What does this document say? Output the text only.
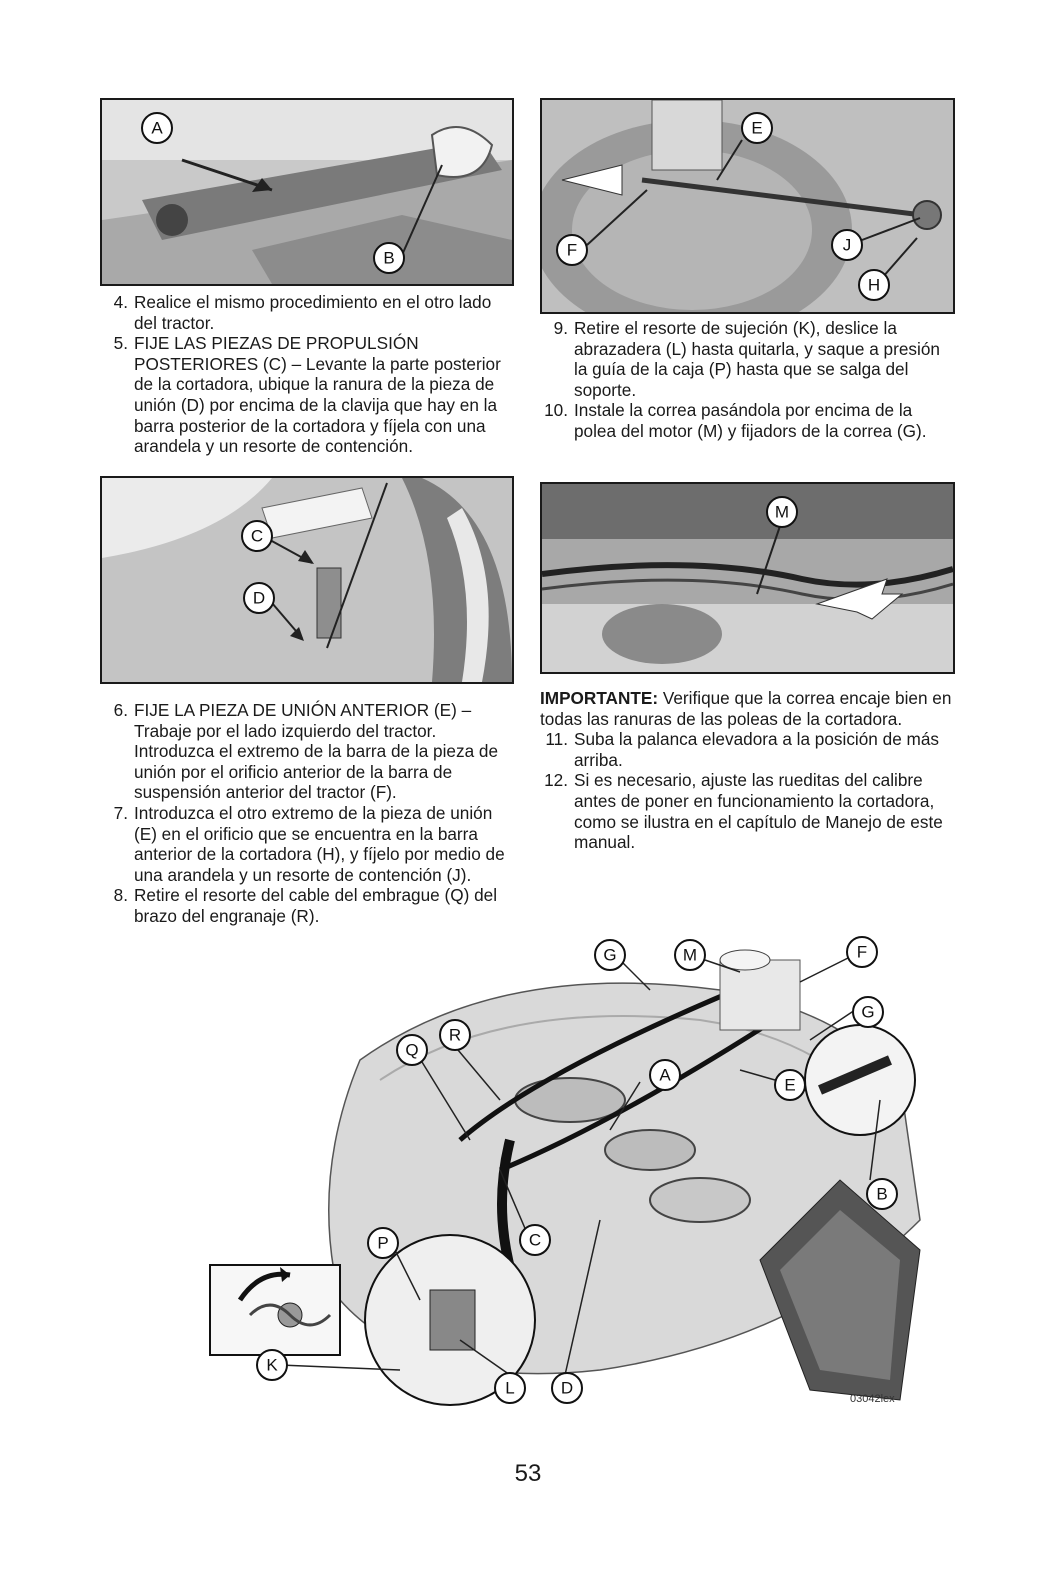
A
B
E
F	J
H
4. Realice el mismo procedimiento en el otro lado del tractor.
5. FIJE LAS PIEZAS DE PROPULSIÓN POSTERIORES (C) – Levante la parte posterior de la cortadora, ubique la ranura de la pieza de unión (D) por encima de la clavija que hay en la barra posterior de la cortadora y fíjela con una arandela y un resorte de contención.
9. Retire el resorte de sujeción (K), deslice la abrazadera (L) hasta quitarla, y saque a presión la guía de la caja (P) hasta que se salga del soporte.
10. Instale la correa pasándola por encima de la polea del motor (M) y fijadors de la correa (G).
C
D
M
6. FIJE LA PIEZA DE UNIÓN ANTERIOR (E) – Trabaje por el lado izquierdo del tractor. Introduzca el extremo de la barra de la pieza de unión por el orificio anterior de la barra de suspensión anterior del tractor (F).
7. Introduzca el otro extremo de la pieza de unión (E) en el orificio que se encuentra en la barra anterior de la cortadora (H), y fíjelo por medio de una arandela y un resorte de contención (J).
8. Retire el resorte del cable del embrague (Q) del brazo del engranaje (R).

IMPORTANTE: Verifique que la correa encaje bien en todas las ranuras de las poleas de la cortadora.

11. Suba la palanca elevadora a la posición de más arriba.
12. Si es necesario, ajuste las rueditas del calibre antes de poner en funcionamiento la cortadora, como se ilustra en el capítulo de Manejo de este manual.
G	M	F
G
R
Q
A
E
B
P	C
K
L	D
03042lex
53
